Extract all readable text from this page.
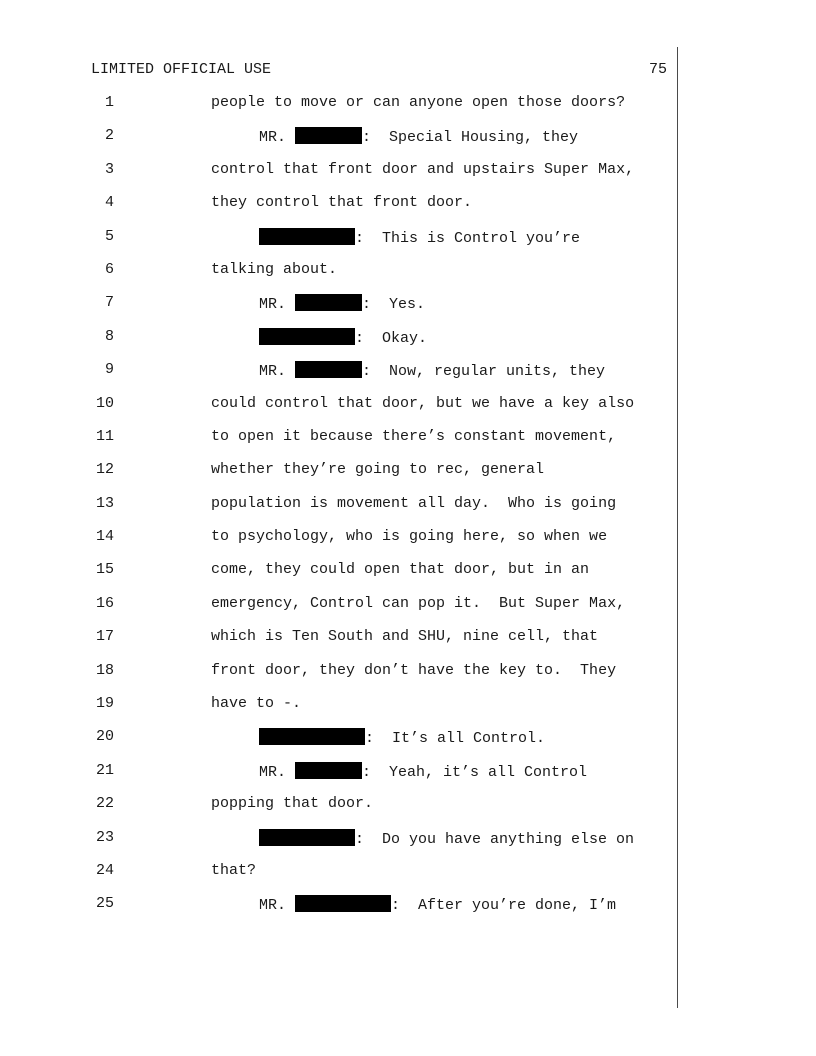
LIMITED OFFICIAL USE	75
1	people to move or can anyone open those doors?
2	MR.	:  Special Housing, they
3	control that front door and upstairs Super Max,
4	they control that front door.
5	:  This is Control you’re
6	talking about.
7	MR.	:  Yes.
8	:  Okay.
9	MR.	:  Now, regular units, they
10	could control that door, but we have a key also
11	to open it because there’s constant movement,
12	whether they’re going to rec, general
13	population is movement all day.  Who is going
14	to psychology, who is going here, so when we
15	come, they could open that door, but in an
16	emergency, Control can pop it.  But Super Max,
17	which is Ten South and SHU, nine cell, that
18	front door, they don’t have the key to.  They
19	have to -.
20	:  It’s all Control.
21	MR.	:  Yeah, it’s all Control
22	popping that door.
23	:  Do you have anything else on
24	that?
25	MR.	:  After you’re done, I’m
